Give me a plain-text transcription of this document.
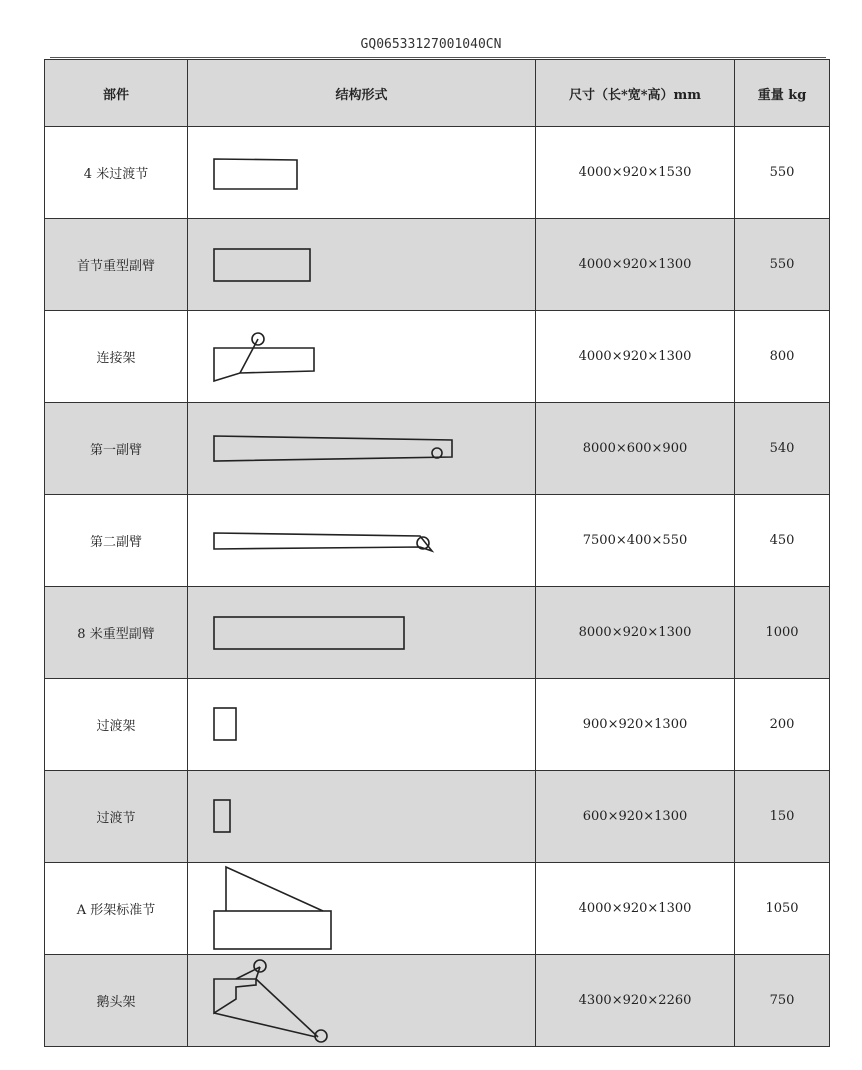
GQ06533127001040CN
部件	结构形式	尺寸（长*宽*高）mm	重量 kg
4 米过渡节		4000×920×1530	550
首节重型副臂		4000×920×1300	550
连接架		4000×920×1300	800
第一副臂		8000×600×900	540
第二副臂		7500×400×550	450
8 米重型副臂		8000×920×1300	1000
过渡架		900×920×1300	200
过渡节		600×920×1300	150
A 形架标准节		4000×920×1300	1050
鹅头架		4300×920×2260	750
